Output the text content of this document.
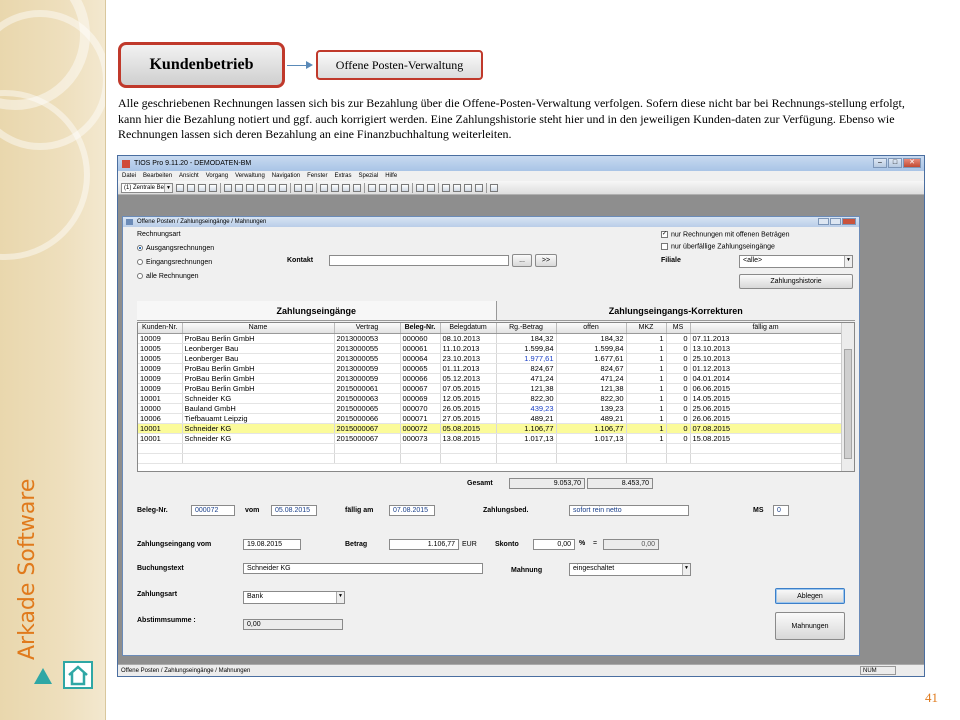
Arkade Software
Kundenbetrieb	Offene Posten-Verwaltung
Alle geschriebenen Rechnungen lassen sich bis zur Bezahlung über die Offene-Posten-Verwaltung verfolgen. Sofern diese nicht bar bei Rechnungs-stellung erfolgt, kann hier die Bezahlung notiert und ggf. auch korrigiert werden. Eine Zahlungshistorie steht hier und in den jeweiligen Kunden-daten zur Verfügung. Ebenso wie Rechnungen lassen sich deren Bezahlung an eine Finanzbuchhaltung weiterleiten.
41
TIOS Pro 9.11.20 - DEMODATEN-BM	–	□	✕
Datei Bearbeiten Ansicht Vorgang Verwaltung Navigation Fenster Extras Spezial Hilfe
(1) Zentrale Be ▼
Offene Posten / Zahlungseingänge / Mahnungen
Rechnungsart
Ausgangsrechnungen
Eingangsrechnungen
alle Rechnungen
Kontakt	...	>>
✓ nur Rechnungen mit offenen Beträgen
nur überfällige Zahlungseingänge
Filiale	<alle>	▼
Zahlungshistorie
Zahlungseingänge	Zahlungseingangs-Korrekturen
Kunden-Nr.	Name	Vertrag	Beleg-Nr.	Belegdatum	Rg.-Betrag	offen	MKZ	MS	fällig am
10009	ProBau Berlin GmbH	2013000053	000060	08.10.2013	184,32	184,32	1	0	07.11.2013
10005	Leonberger Bau	2013000055	000061	11.10.2013	1.599,84	1.599,84	1	0	13.10.2013
10005	Leonberger Bau	2013000055	000064	23.10.2013	1.977,61	1.677,61	1	0	25.10.2013
10009	ProBau Berlin GmbH	2013000059	000065	01.11.2013	824,67	824,67	1	0	01.12.2013
10009	ProBau Berlin GmbH	2013000059	000066	05.12.2013	471,24	471,24	1	0	04.01.2014
10009	ProBau Berlin GmbH	2015000061	000067	07.05.2015	121,38	121,38	1	0	06.06.2015
10001	Schneider KG	2015000063	000069	12.05.2015	822,30	822,30	1	0	14.05.2015
10000	Bauland GmbH	2015000065	000070	26.05.2015	439,23	139,23	1	0	25.06.2015
10006	Tiefbauamt Leipzig	2015000066	000071	27.05.2015	489,21	489,21	1	0	26.06.2015
10001	Schneider KG	2015000067	000072	05.08.2015	1.106,77	1.106,77	1	0	07.08.2015
10001	Schneider KG	2015000067	000073	13.08.2015	1.017,13	1.017,13	1	0	15.08.2015

Gesamt	9.053,70	8.453,70
Beleg-Nr.	000072	vom	05.08.2015	fällig am	07.08.2015	Zahlungsbed.	sofort rein netto	MS	0
Zahlungseingang vom	19.08.2015	Betrag	1.106,77	EUR	Skonto	0,00	% =	0,00
Buchungstext	Schneider KG	Mahnung	eingeschaltet	▼
Zahlungsart	Bank	▼	Ablegen
Abstimmsumme :
0,00	Mahnungen
Offene Posten / Zahlungseingänge / Mahnungen	NUM
